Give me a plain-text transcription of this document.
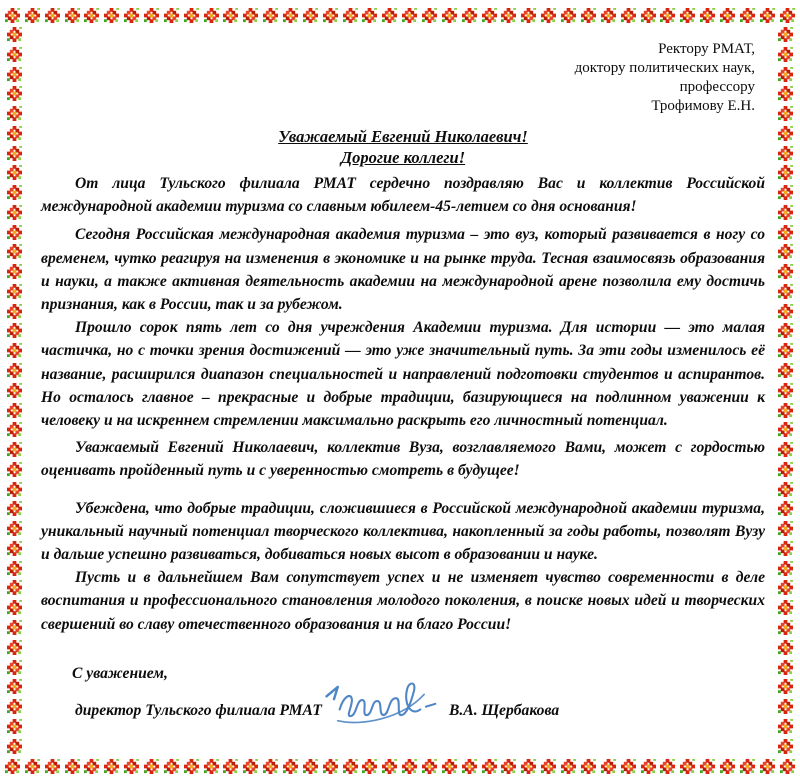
Ректору РМАТ,
доктору политических наук,
профессору
Трофимову Е.Н.
Уважаемый Евгений Николаевич!
Дорогие коллеги!

От лица Тульского филиала РМАТ сердечно поздравляю Вас и коллектив Российской международной академии туризма со славным юбилеем-45-летием со дня основания!

Сегодня Российская международная академия туризма – это вуз, который развивается в ногу со временем, чутко реагируя на изменения в экономике и на рынке труда. Тесная взаимосвязь образования и науки, а также активная деятельность академии на международной арене позволила ему достичь признания, как в России, так и за рубежом.

Прошло сорок пять лет со дня учреждения Академии туризма. Для истории — это малая частичка, но с точки зрения достижений — это уже значительный путь. За эти годы изменилось её название, расширился диапазон специальностей и направлений подготовки студентов и аспирантов. Но осталось главное – прекрасные и добрые традиции, базирующиеся на подлинном уважении к человеку и на искреннем стремлении максимально раскрыть его личностный потенциал.

Уважаемый Евгений Николаевич, коллектив Вуза, возглавляемого Вами, может с гордостью оценивать пройденный путь и с уверенностью смотреть в будущее!

Убеждена, что добрые традиции, сложившиеся в Российской международной академии туризма, уникальный научный потенциал творческого коллектива, накопленный за годы работы, позволят Вузу и дальше успешно развиваться, добиваться новых высот в образовании и науке.

Пусть и в дальнейшем Вам сопутствует успех и не изменяет чувство современности в деле воспитания и профессионального становления молодого поколения, в поиске новых идей и творческих свершений во славу отечественного образования и на благо России!

С уважением,
директор Тульского филиала РМАТ	В.А. Щербакова
